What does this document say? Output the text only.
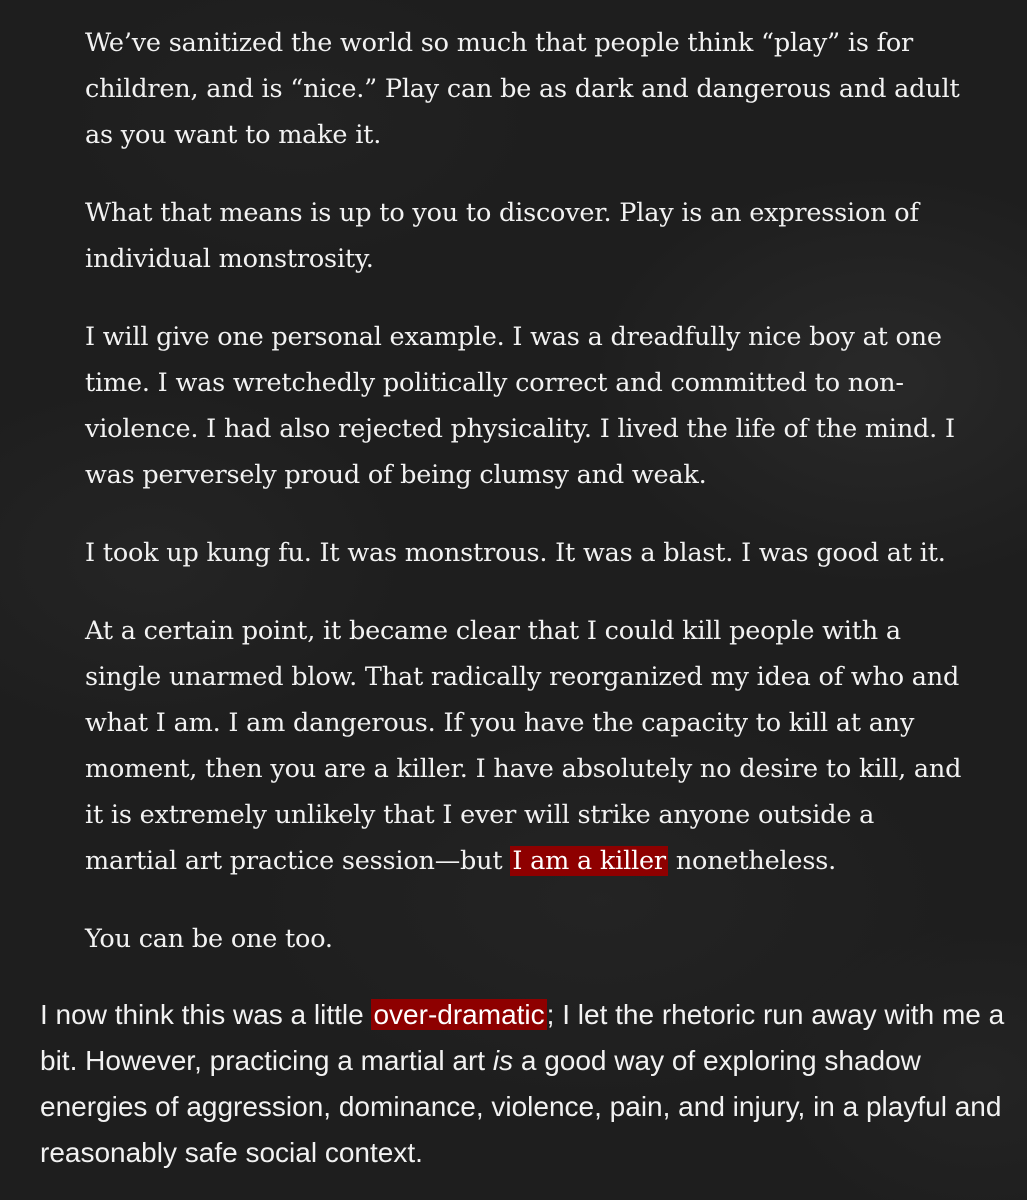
We’ve sanitized the world so much that people think “play” is for children, and is “nice.” Play can be as dark and dangerous and adult as you want to make it.

What that means is up to you to discover. Play is an expression of individual monstrosity.

I will give one personal example. I was a dreadfully nice boy at one time. I was wretchedly politically correct and committed to non-violence. I had also rejected physicality. I lived the life of the mind. I was perversely proud of being clumsy and weak.

I took up kung fu. It was monstrous. It was a blast. I was good at it.

At a certain point, it became clear that I could kill people with a single unarmed blow. That radically reorganized my idea of who and what I am. I am dangerous. If you have the capacity to kill at any moment, then you are a killer. I have absolutely no desire to kill, and it is extremely unlikely that I ever will strike anyone outside a martial art practice session—but I am a killer nonetheless.

You can be one too.

I now think this was a little over-dramatic; I let the rhetoric run away with me a bit. However, practicing a martial art is a good way of exploring shadow energies of aggression, dominance, violence, pain, and injury, in a playful and reasonably safe social context.
